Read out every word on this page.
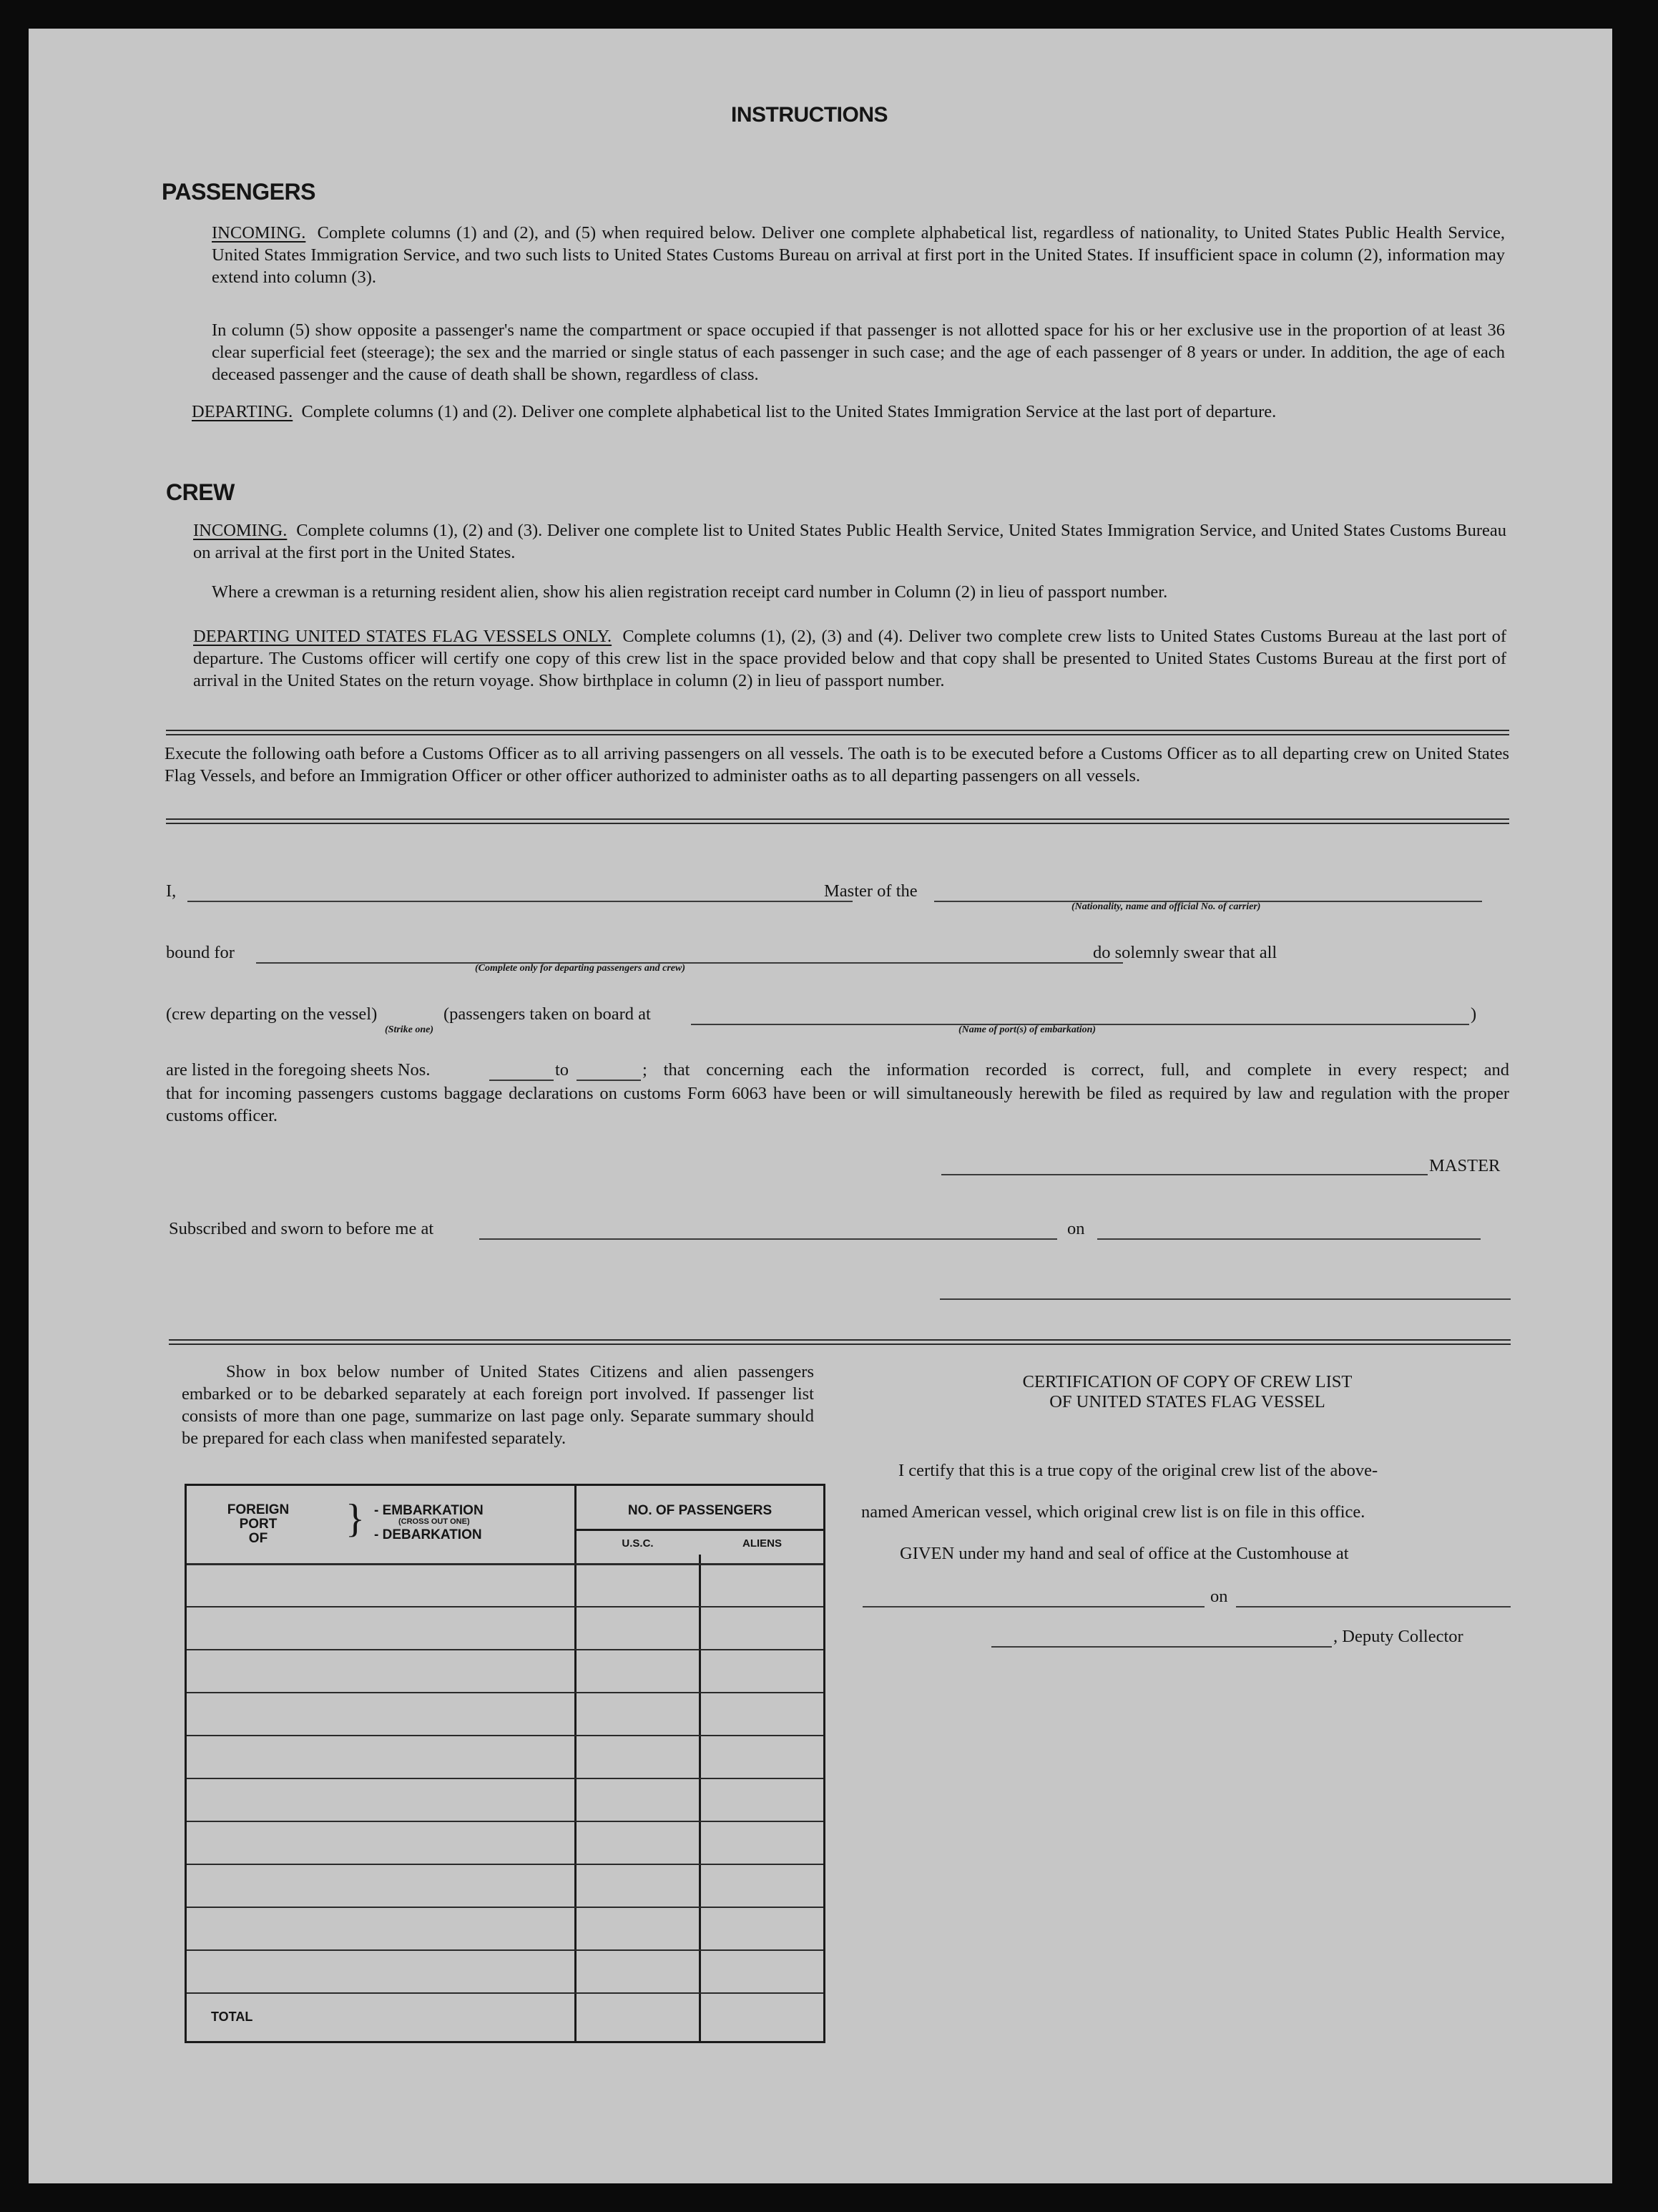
INSTRUCTIONS
PASSENGERS
INCOMING. Complete columns (1) and (2), and (5) when required below. Deliver one complete alphabetical list, regardless of nationality, to United States Public Health Service, United States Immigration Service, and two such lists to United States Customs Bureau on arrival at first port in the United States. If insufficient space in column (2), information may extend into column (3).
In column (5) show opposite a passenger's name the compartment or space occupied if that passenger is not allotted space for his or her exclusive use in the proportion of at least 36 clear superficial feet (steerage); the sex and the married or single status of each passenger in such case; and the age of each passenger of 8 years or under. In addition, the age of each deceased passenger and the cause of death shall be shown, regardless of class.
DEPARTING. Complete columns (1) and (2). Deliver one complete alphabetical list to the United States Immigration Service at the last port of departure.
CREW
INCOMING. Complete columns (1), (2) and (3). Deliver one complete list to United States Public Health Service, United States Immigration Service, and United States Customs Bureau on arrival at the first port in the United States.
Where a crewman is a returning resident alien, show his alien registration receipt card number in Column (2) in lieu of passport number.
DEPARTING UNITED STATES FLAG VESSELS ONLY. Complete columns (1), (2), (3) and (4). Deliver two complete crew lists to United States Customs Bureau at the last port of departure. The Customs officer will certify one copy of this crew list in the space provided below and that copy shall be presented to United States Customs Bureau at the first port of arrival in the United States on the return voyage. Show birthplace in column (2) in lieu of passport number.
Execute the following oath before a Customs Officer as to all arriving passengers on all vessels. The oath is to be executed before a Customs Officer as to all departing crew on United States Flag Vessels, and before an Immigration Officer or other officer authorized to administer oaths as to all departing passengers on all vessels.
I,	Master of the
(Nationality, name and official No. of carrier)
bound for
(Complete only for departing passengers and crew)
do solemnly swear that all
(crew departing on the vessel)	(passengers taken on board at
(Strike one)	(Name of port(s) of embarkation)
)
are listed in the foregoing sheets Nos.	to	; that concerning each the information recorded is correct, full, and complete in every respect; and
that for incoming passengers customs baggage declarations on customs Form 6063 have been or will simultaneously herewith be filed as required by law and regulation with the proper customs officer.
MASTER
Subscribed and sworn to before me at	on
Show in box below number of United States Citizens and alien passengers embarked or to be debarked separately at each foreign port involved. If passenger list consists of more than one page, summarize on last page only. Separate summary should be prepared for each class when manifested separately.
FOREIGN
PORT
OF	} - EMBARKATION
(CROSS OUT ONE)
- DEBARKATION
NO. OF PASSENGERS
U.S.C.	ALIENS
TOTAL
CERTIFICATION OF COPY OF CREW LIST
OF UNITED STATES FLAG VESSEL
I certify that this is a true copy of the original crew list of the above-
named American vessel, which original crew list is on file in this office.
GIVEN under my hand and seal of office at the Customhouse at
on
, Deputy Collector
